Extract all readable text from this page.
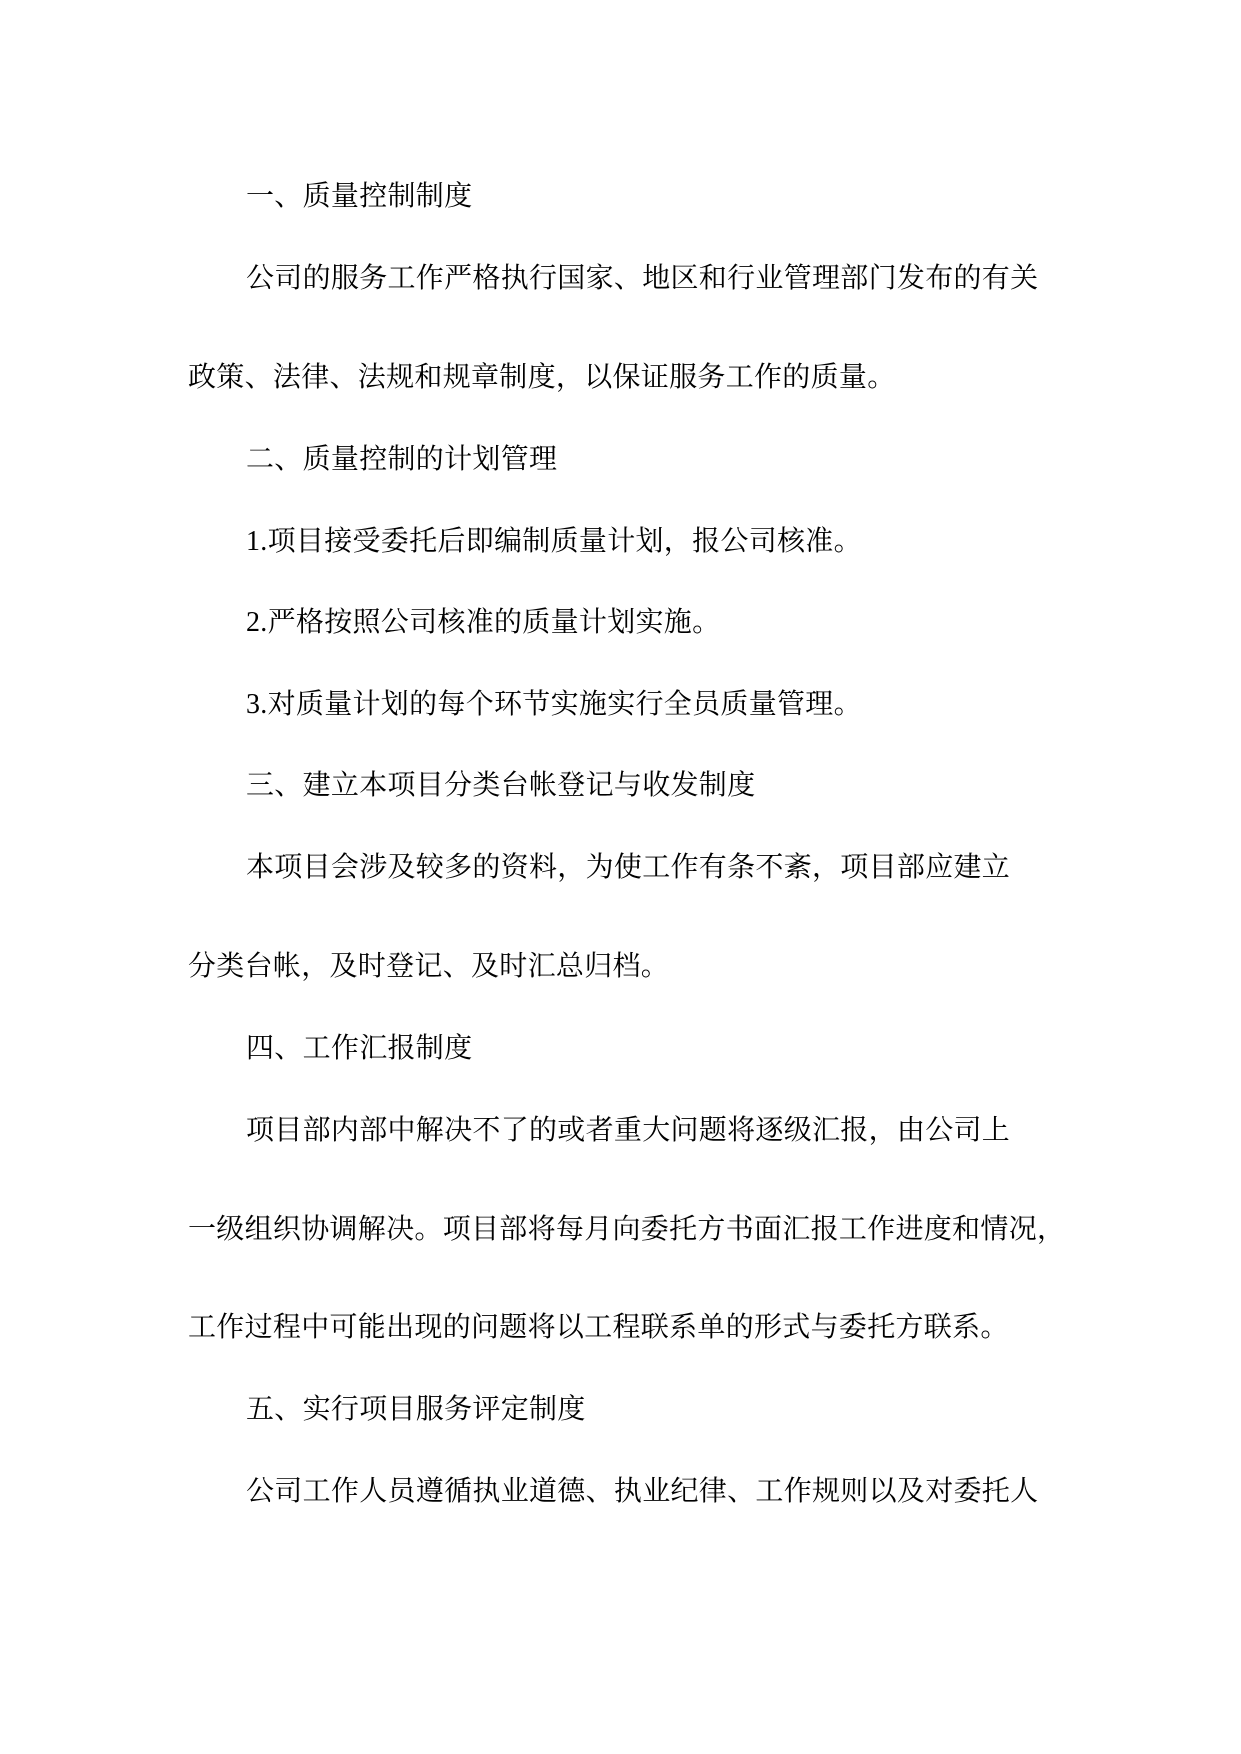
一、质量控制制度
公司的服务工作严格执行国家、地区和行业管理部门发布的有关
政策、法律、法规和规章制度，以保证服务工作的质量。
二、质量控制的计划管理
1.项目接受委托后即编制质量计划，报公司核准。
2.严格按照公司核准的质量计划实施。
3.对质量计划的每个环节实施实行全员质量管理。
三、建立本项目分类台帐登记与收发制度
本项目会涉及较多的资料，为使工作有条不紊，项目部应建立
分类台帐，及时登记、及时汇总归档。
四、工作汇报制度
项目部内部中解决不了的或者重大问题将逐级汇报，由公司上
一级组织协调解决。项目部将每月向委托方书面汇报工作进度和情况，
工作过程中可能出现的问题将以工程联系单的形式与委托方联系。
五、实行项目服务评定制度
公司工作人员遵循执业道德、执业纪律、工作规则以及对委托人
